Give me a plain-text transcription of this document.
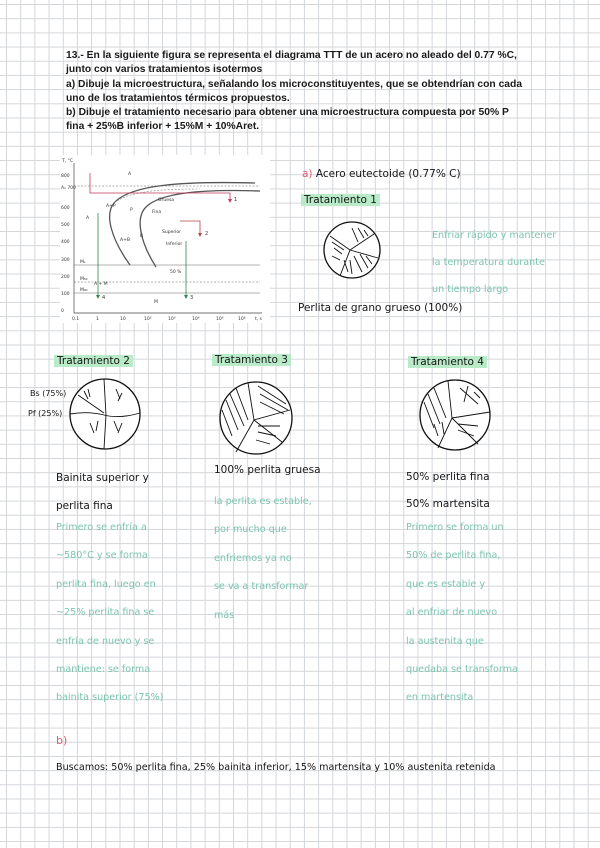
13.- En la siguiente figura se representa el diagrama TTT de un acero no aleado del 0.77 %C,

junto con varios tratamientos isotermos

a) Dibuje la microestructura, señalando los microconstituyentes, que se obtendrían con cada

uno de los tratamientos térmicos propuestos.

b) Dibuje el tratamiento necesario para obtener una microestructura compuesta por 50% P

fina + 25%B inferior + 15%M + 10%Aret.

T, °C
800
A₁ 700
600
500
400
300
200
100
0
0.1	1	10	10²	10³	10⁴	10⁵	10⁶ t, s
Mₛ
M₅₀
M₉₀
A
A
A+P
P
Gruesa
Fina
A+B
B
Superior
Inferior
50 %
A + M
M
1
2
3
4
a) Acero eutectoide (0.77% C)
Tratamiento 1
Enfriar rápido y mantener
la temperatura durante
un tiempo largo
Perlita de grano grueso (100%)
Tratamiento 2
Bs (75%)
Pf (25%)
Bainita superior y
perlita fina
Primero se enfría a
~580°C y se forma
perlita fina, luego en
~25% perlita fina se
enfría de nuevo y se
mantiene: se forma
bainita superior (75%)
Tratamiento 3
100% perlita gruesa
la perlita es estable,
por mucho que
enfriemos ya no
se va a transformar
más
Tratamiento 4
50% perlita fina
50% martensita
Primero se forma un
50% de perlita fina,
que es estable y
al enfriar de nuevo
la austenita que
quedaba se transforma
en martensita
b)
Buscamos: 50% perlita fina, 25% bainita inferior, 15% martensita y 10% austenita retenida
